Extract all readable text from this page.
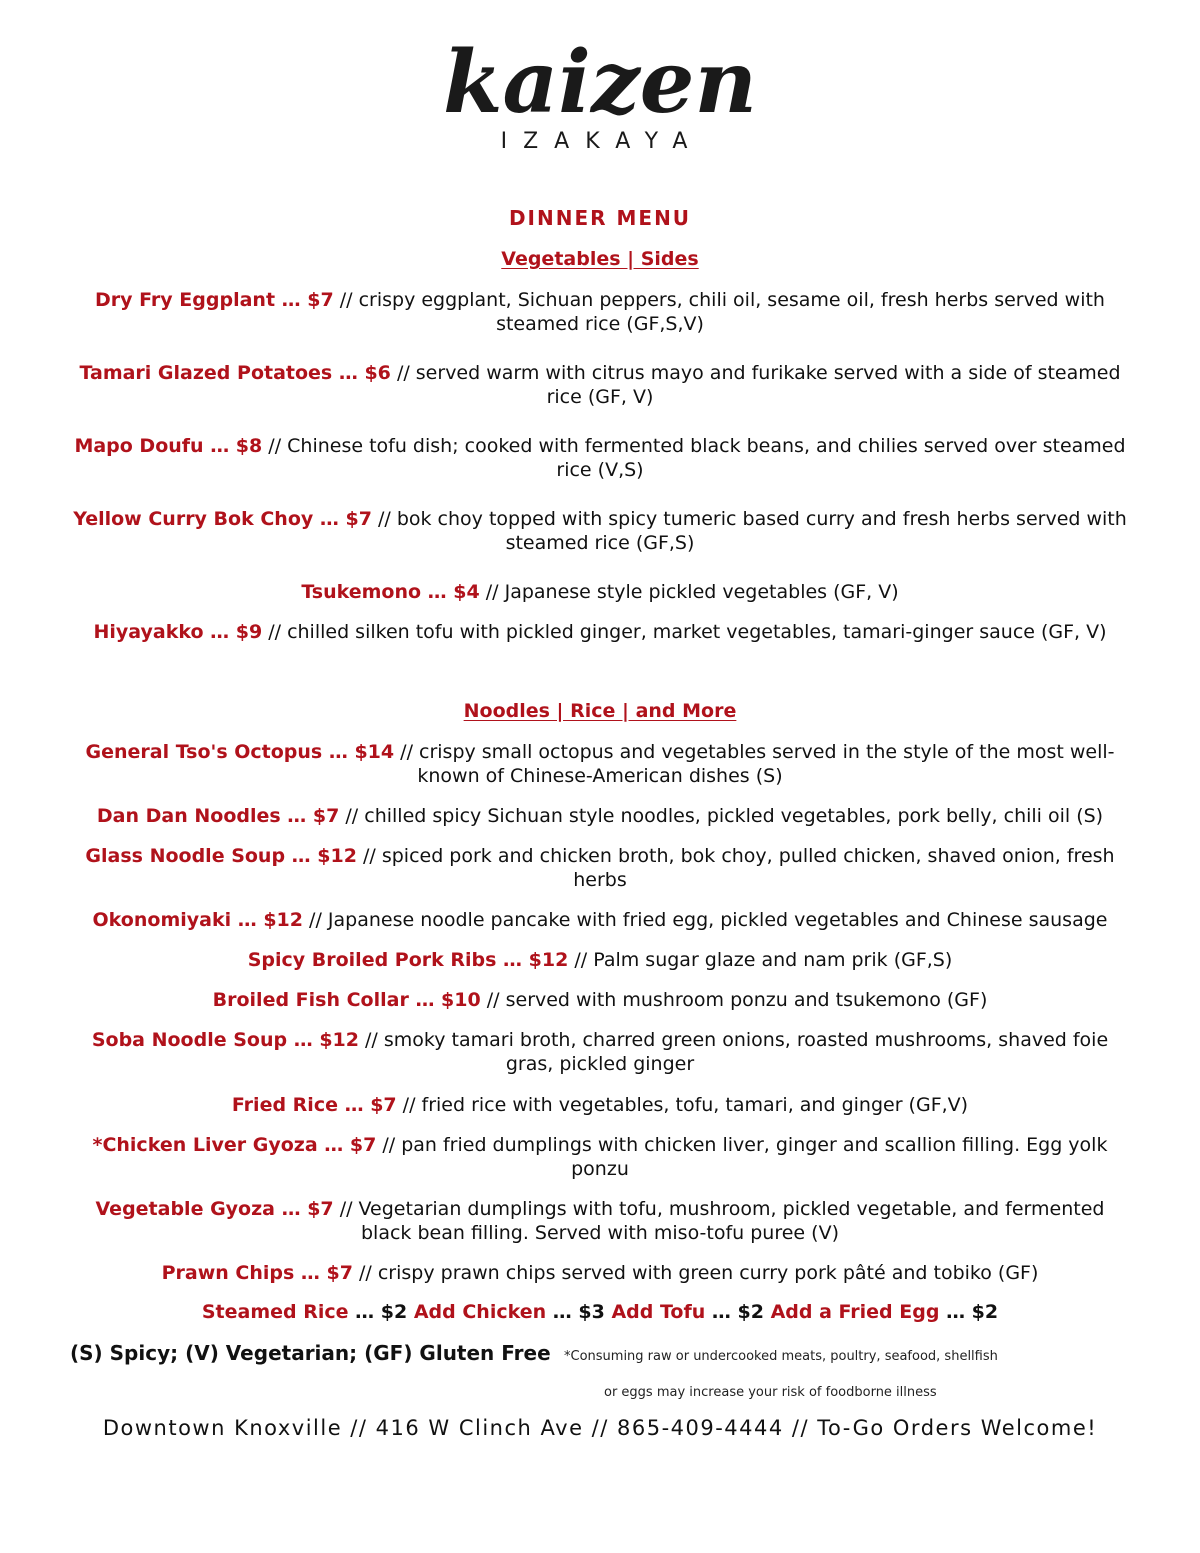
kaizen
IZAKAYA
DINNER MENU
Vegetables | Sides
Dry Fry Eggplant … $7 // crispy eggplant, Sichuan peppers, chili oil, sesame oil, fresh herbs served with steamed rice (GF,S,V)
Tamari Glazed Potatoes … $6 // served warm with citrus mayo and furikake served with a side of steamed rice (GF, V)
Mapo Doufu … $8 // Chinese tofu dish; cooked with fermented black beans, and chilies served over steamed rice (V,S)
Yellow Curry Bok Choy … $7 // bok choy topped with spicy tumeric based curry and fresh herbs served with steamed rice (GF,S)
Tsukemono … $4 // Japanese style pickled vegetables (GF, V)
Hiyayakko … $9 // chilled silken tofu with pickled ginger, market vegetables, tamari-ginger sauce (GF, V)
Noodles | Rice | and More
General Tso's Octopus … $14 // crispy small octopus and vegetables served in the style of the most well-known of Chinese-American dishes (S)
Dan Dan Noodles … $7 // chilled spicy Sichuan style noodles, pickled vegetables, pork belly, chili oil (S)
Glass Noodle Soup … $12 // spiced pork and chicken broth, bok choy, pulled chicken, shaved onion, fresh herbs
Okonomiyaki … $12 // Japanese noodle pancake with fried egg, pickled vegetables and Chinese sausage
Spicy Broiled Pork Ribs … $12 // Palm sugar glaze and nam prik (GF,S)
Broiled Fish Collar … $10 // served with mushroom ponzu and tsukemono (GF)
Soba Noodle Soup … $12 // smoky tamari broth, charred green onions, roasted mushrooms, shaved foie gras, pickled ginger
Fried Rice … $7 // fried rice with vegetables, tofu, tamari, and ginger (GF,V)
*Chicken Liver Gyoza … $7 // pan fried dumplings with chicken liver, ginger and scallion filling. Egg yolk ponzu
Vegetable Gyoza … $7 // Vegetarian dumplings with tofu, mushroom, pickled vegetable, and fermented black bean filling. Served with miso-tofu puree (V)
Prawn Chips … $7 // crispy prawn chips served with green curry pork pâté and tobiko (GF)
Steamed Rice … $2 Add Chicken … $3 Add Tofu … $2 Add a Fried Egg … $2
(S) Spicy; (V) Vegetarian; (GF) Gluten Free *Consuming raw or undercooked meats, poultry, seafood, shellfish
or eggs may increase your risk of foodborne illness
Downtown Knoxville // 416 W Clinch Ave // 865-409-4444 // To-Go Orders Welcome!
